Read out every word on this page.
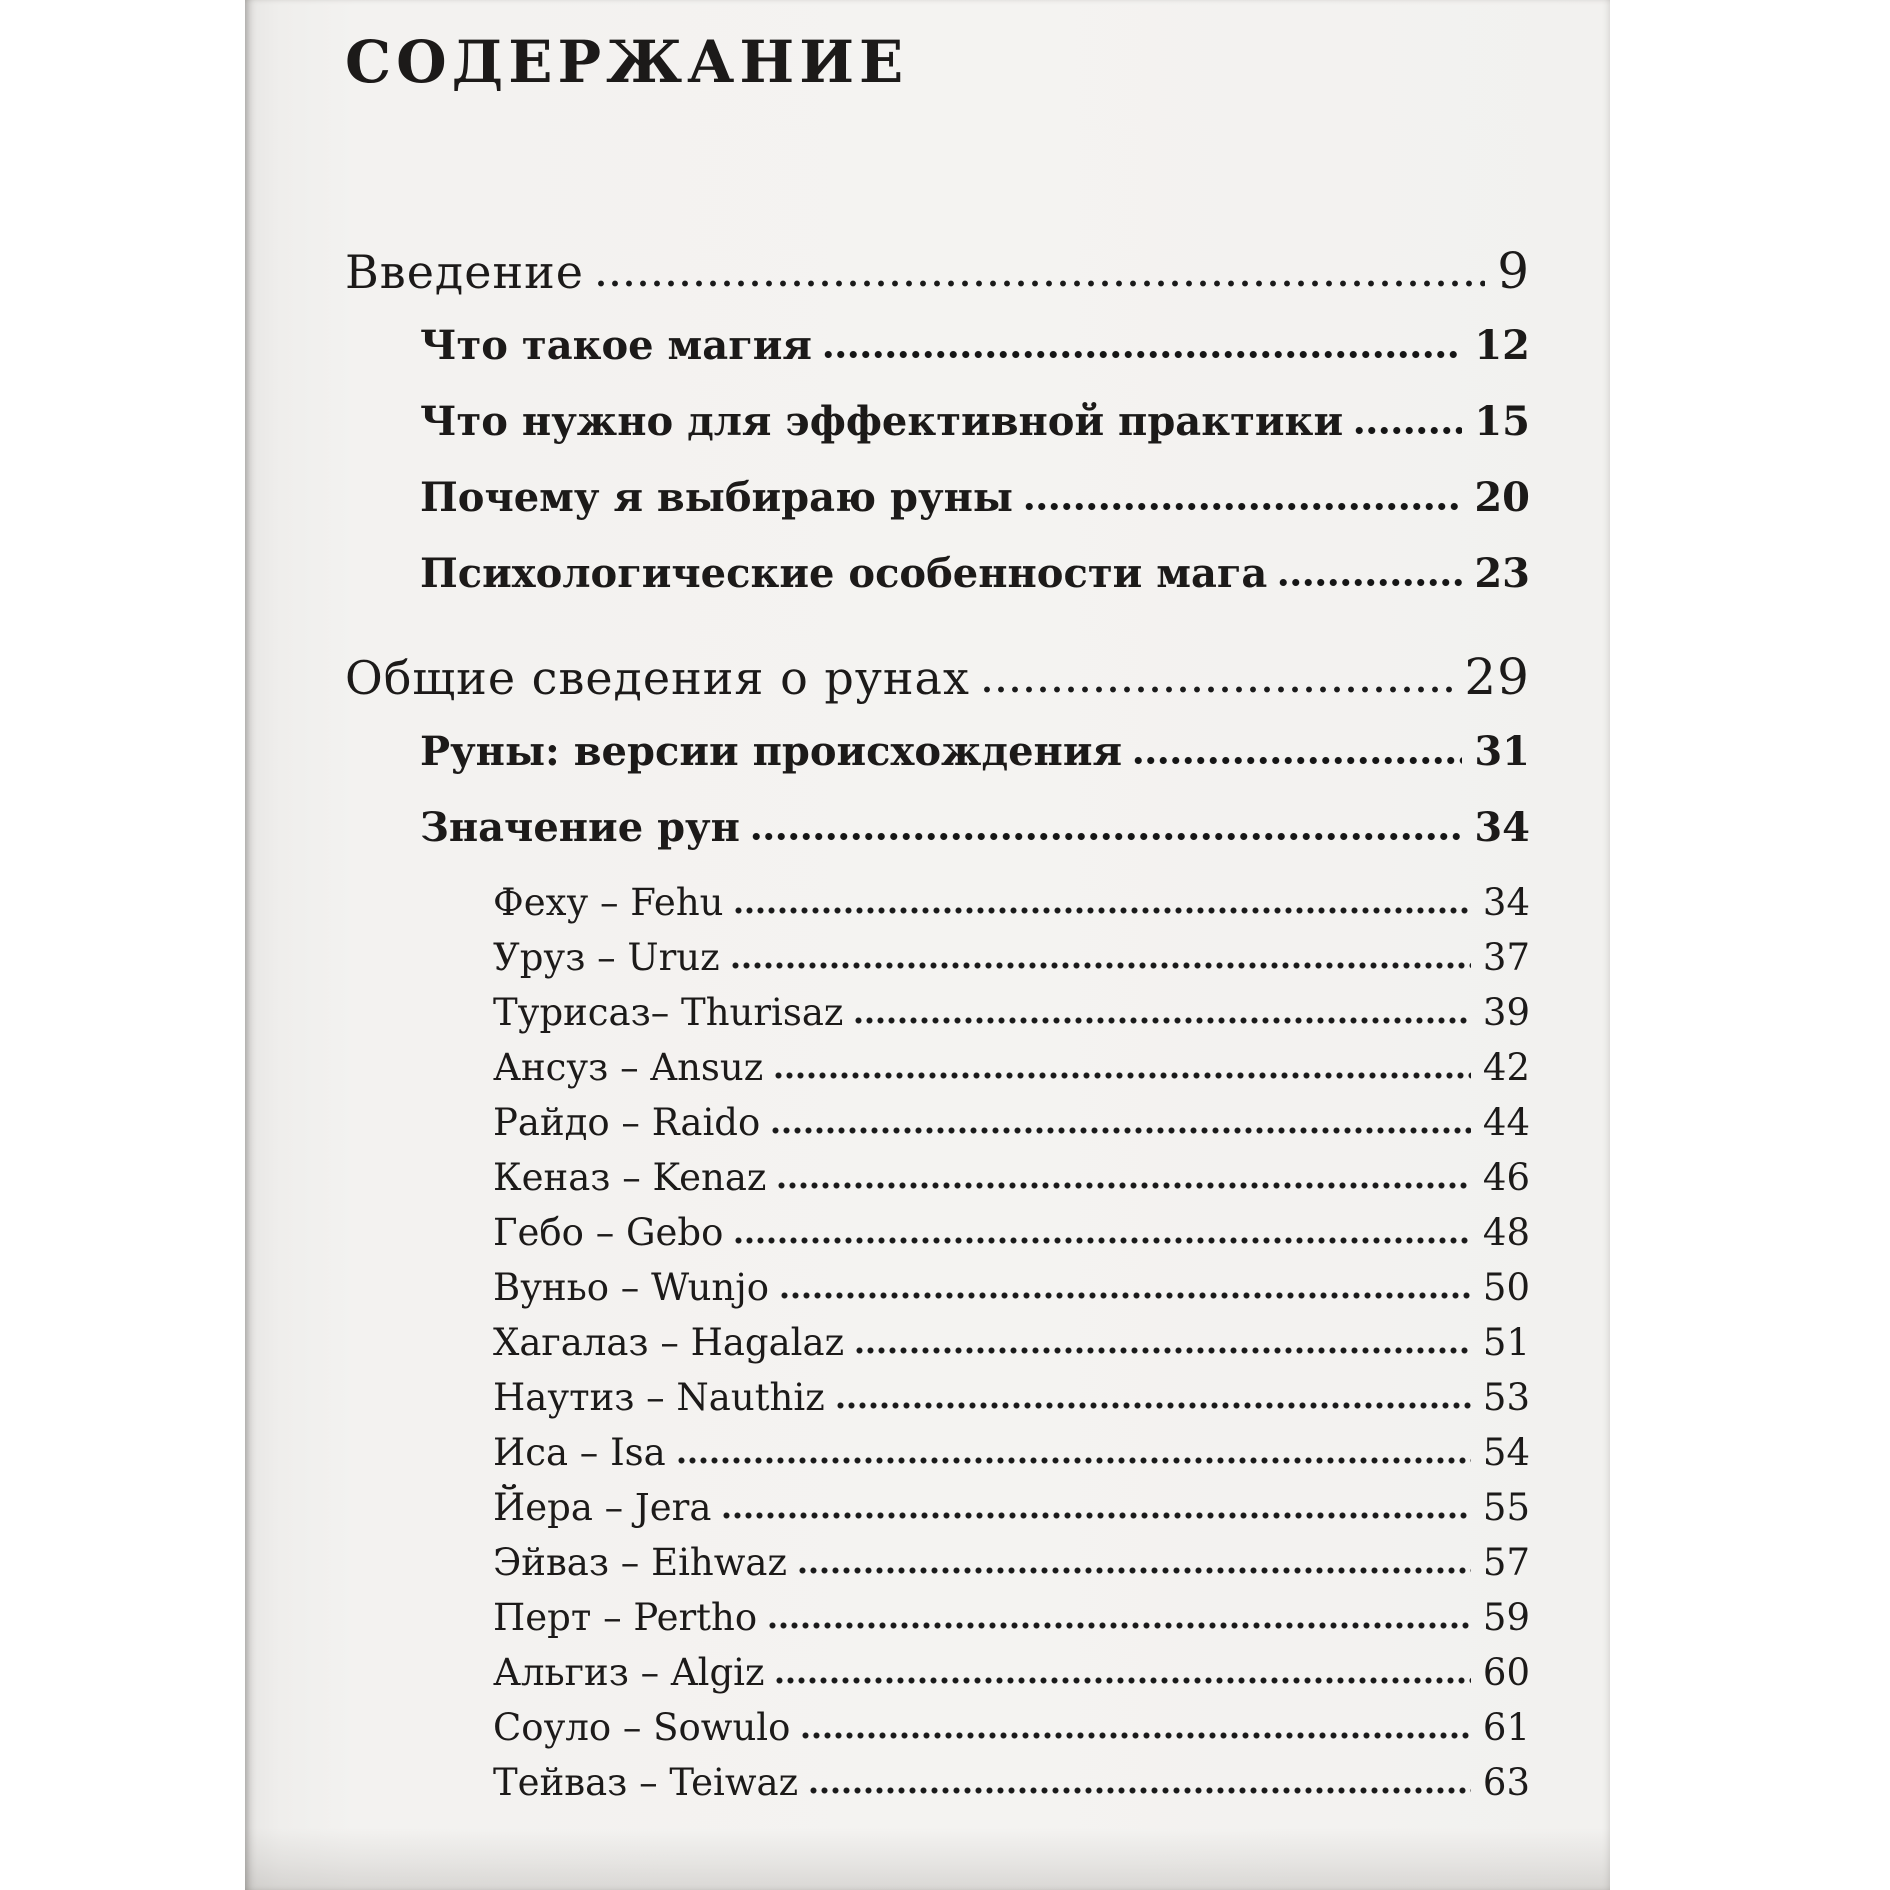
СОДЕРЖАНИЕ
Введение	9
Что такое магия	12
Что нужно для эффективной практики	15
Почему я выбираю руны	20
Психологические особенности мага	23
Общие сведения о рунах	29
Руны: версии происхождения	31
Значение рун	34
Феху – Fehu	34
Уруз – Uruz	37
Турисаз– Thurisaz	39
Ансуз – Ansuz	42
Райдо – Raido	44
Кеназ – Kenaz	46
Гебо – Gebo	48
Вуньо – Wunjo	50
Хагалаз – Hagalaz	51
Наутиз – Nauthiz	53
Иса – Isa	54
Йера – Jera	55
Эйваз – Eihwaz	57
Перт – Pertho	59
Альгиз – Algiz	60
Соуло – Sowulo	61
Тейваз – Teiwaz	63
